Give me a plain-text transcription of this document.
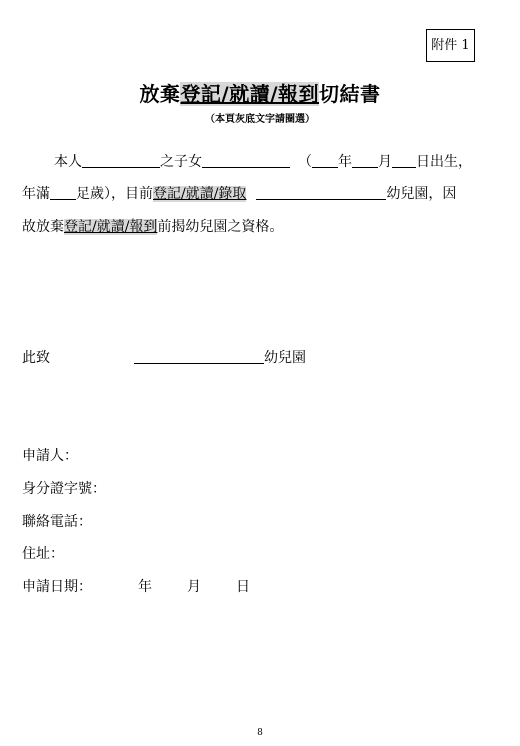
附件 1
放棄登記/就讀/報到切結書
（本頁灰底文字請圈選）
本人	之子女	（ 年 月 日出生，
年滿 足歲），目前登記/就讀/錄取	幼兒園，因
故放棄登記/就讀/報到前揭幼兒園之資格。
此致	幼兒園
申請人：
身分證字號：
聯絡電話：
住址：
申請日期：	年	月	日
8
